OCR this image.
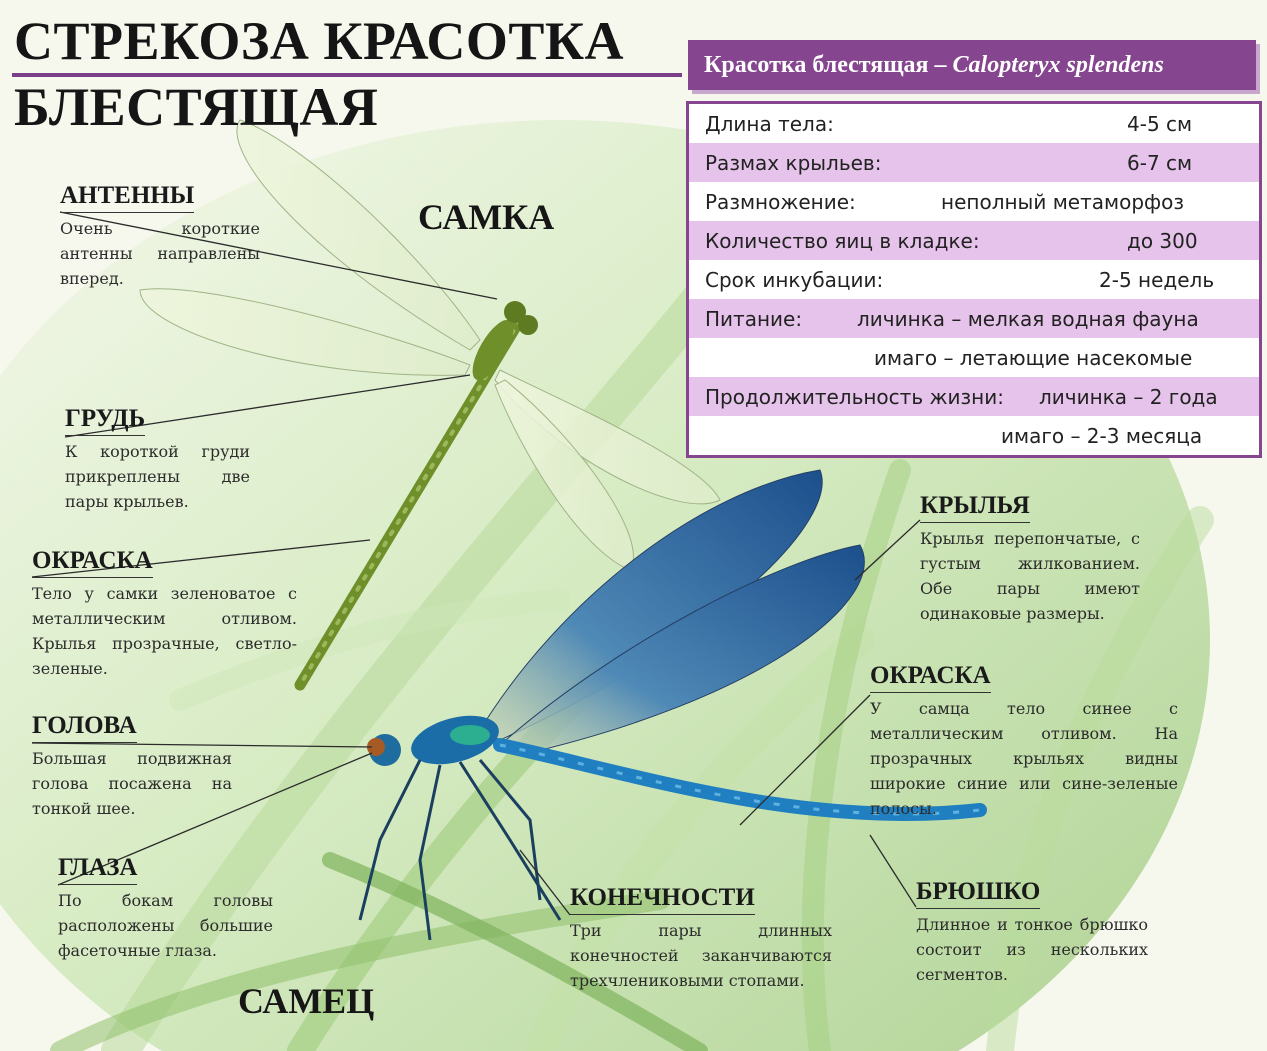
СТРЕКОЗА КРАСОТКА
БЛЕСТЯЩАЯ
САМКА
САМЕЦ
Красотка блестящая – Calopteryx splendens
Длина тела:	4-5 см
Размах крыльев:	6-7 см
Размножение:	неполный метаморфоз
Количество яиц в кладке:	до 300
Срок инкубации:	2-5 недель
Питание:	личинка – мелкая водная фауна
имаго – летающие насекомые
Продолжительность жизни: личинка – 2 года
имаго – 2-3 месяца
АНТЕННЫ
Очень короткие антенны направлены вперед.
ГРУДЬ
К короткой груди прикреплены две пары крыльев.
ОКРАСКА
Тело у самки зеленоватое с металлическим отливом. Крылья прозрачные, светло-зеленые.
ГОЛОВА
Большая подвижная голова посажена на тонкой шее.
ГЛАЗА
По бокам головы расположены большие фасеточные глаза.
КОНЕЧНОСТИ
Три пары длинных конечностей заканчиваются трехчлениковыми стопами.
КРЫЛЬЯ
Крылья перепончатые, с густым жилкованием. Обе пары имеют одинаковые размеры.
ОКРАСКА
У самца тело синее с металлическим отливом. На прозрачных крыльях видны широкие синие или сине-зеленые полосы.
БРЮШКО
Длинное и тонкое брюшко состоит из нескольких сегментов.
